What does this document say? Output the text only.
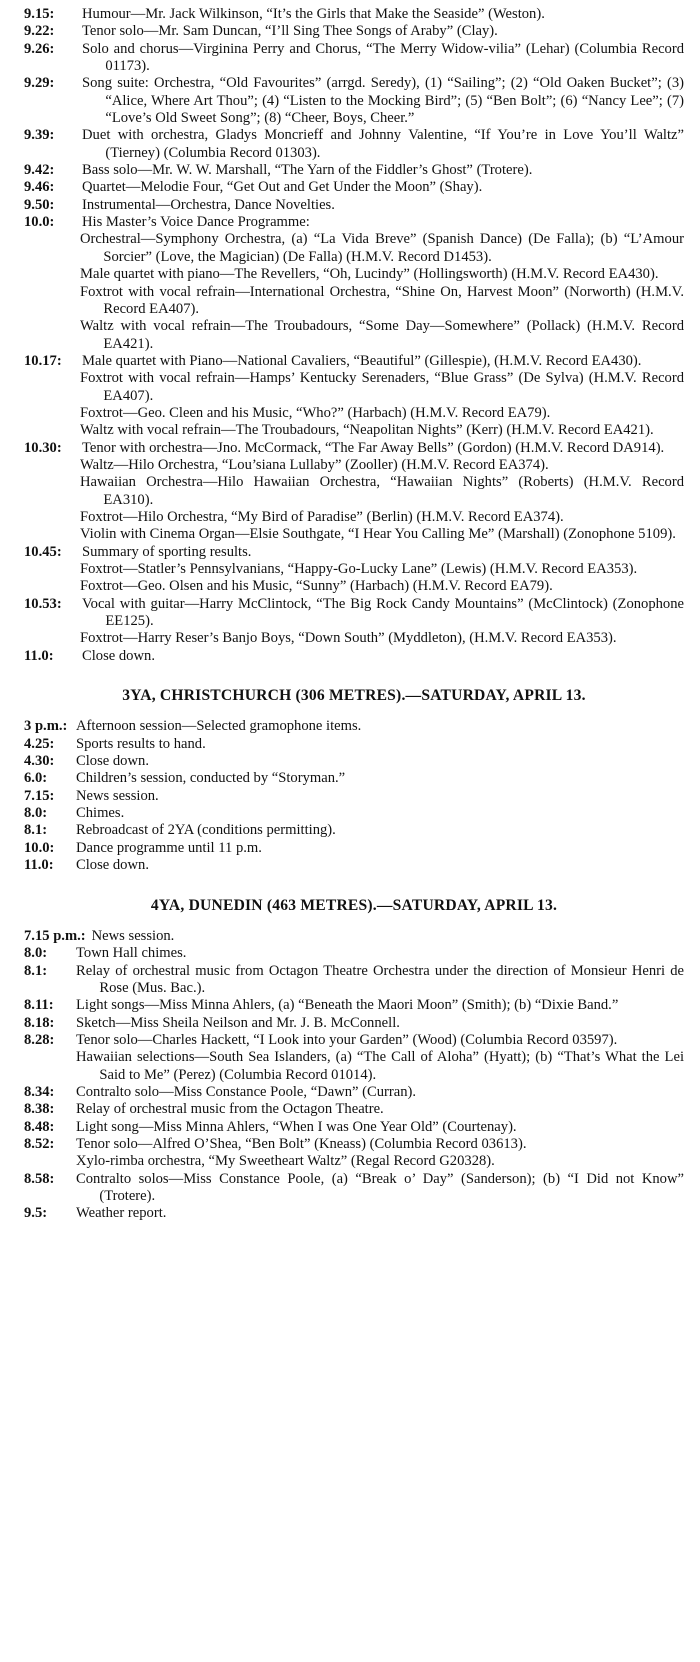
9.15:	Humour—Mr. Jack Wilkinson, “It’s the Girls that Make the Seaside” (Weston).
9.22:	Tenor solo—Mr. Sam Duncan, “I’ll Sing Thee Songs of Araby” (Clay).
9.26:	Solo and chorus—Virginina Perry and Chorus, “The Merry Widow-vilia” (Lehar) (Columbia Record 01173).
9.29:	Song suite: Orchestra, “Old Favourites” (arrgd. Seredy), (1) “Sailing”; (2) “Old Oaken Bucket”; (3) “Alice, Where Art Thou”; (4) “Listen to the Mocking Bird”; (5) “Ben Bolt”; (6) “Nancy Lee”; (7) “Love’s Old Sweet Song”; (8) “Cheer, Boys, Cheer.”
9.39:	Duet with orchestra, Gladys Moncrieff and Johnny Valentine, “If You’re in Love You’ll Waltz” (Tierney) (Columbia Record 01303).
9.42:	Bass solo—Mr. W. W. Marshall, “The Yarn of the Fiddler’s Ghost” (Trotere).
9.46:	Quartet—Melodie Four, “Get Out and Get Under the Moon” (Shay).
9.50:	Instrumental—Orchestra, Dance Novelties.
10.0:	His Master’s Voice Dance Programme:
Orchestral—Symphony Orchestra, (a) “La Vida Breve” (Spanish Dance) (De Falla); (b) “L’Amour Sorcier” (Love, the Magician) (De Falla) (H.M.V. Record D1453).
Male quartet with piano—The Revellers, “Oh, Lucindy” (Hollingsworth) (H.M.V. Record EA430).
Foxtrot with vocal refrain—International Orchestra, “Shine On, Harvest Moon” (Norworth) (H.M.V. Record EA407).
Waltz with vocal refrain—The Troubadours, “Some Day—Somewhere” (Pollack) (H.M.V. Record EA421).
10.17:	Male quartet with Piano—National Cavaliers, “Beautiful” (Gillespie), (H.M.V. Record EA430).
Foxtrot with vocal refrain—Hamps’ Kentucky Serenaders, “Blue Grass” (De Sylva) (H.M.V. Record EA407).
Foxtrot—Geo. Cleen and his Music, “Who?” (Harbach) (H.M.V. Record EA79).
Waltz with vocal refrain—The Troubadours, “Neapolitan Nights” (Kerr) (H.M.V. Record EA421).
10.30:	Tenor with orchestra—Jno. McCormack, “The Far Away Bells” (Gordon) (H.M.V. Record DA914).
Waltz—Hilo Orchestra, “Lou’siana Lullaby” (Zooller) (H.M.V. Record EA374).
Hawaiian Orchestra—Hilo Hawaiian Orchestra, “Hawaiian Nights” (Roberts) (H.M.V. Record EA310).
Foxtrot—Hilo Orchestra, “My Bird of Paradise” (Berlin) (H.M.V. Record EA374).
Violin with Cinema Organ—Elsie Southgate, “I Hear You Calling Me” (Marshall) (Zonophone 5109).
10.45:	Summary of sporting results.
Foxtrot—Statler’s Pennsylvanians, “Happy-Go-Lucky Lane” (Lewis) (H.M.V. Record EA353).
Foxtrot—Geo. Olsen and his Music, “Sunny” (Harbach) (H.M.V. Record EA79).
10.53:	Vocal with guitar—Harry McClintock, “The Big Rock Candy Mountains” (McClintock) (Zonophone EE125).
Foxtrot—Harry Reser’s Banjo Boys, “Down South” (Myddleton), (H.M.V. Record EA353).
11.0:	Close down.
3YA, CHRISTCHURCH (306 METRES).—SATURDAY, APRIL 13.
3 p.m.: Afternoon session—Selected gramophone items.
4.25:	Sports results to hand.
4.30:	Close down.
6.0:	Children’s session, conducted by “Storyman.”
7.15:	News session.
8.0:	Chimes.
8.1:	Rebroadcast of 2YA (conditions permitting).
10.0:	Dance programme until 11 p.m.
11.0:	Close down.
4YA, DUNEDIN (463 METRES).—SATURDAY, APRIL 13.
7.15 p.m.: News session.
8.0:	Town Hall chimes.
8.1:	Relay of orchestral music from Octagon Theatre Orchestra under the direction of Monsieur Henri de Rose (Mus. Bac.).
8.11:	Light songs—Miss Minna Ahlers, (a) “Beneath the Maori Moon” (Smith); (b) “Dixie Band.”
8.18:	Sketch—Miss Sheila Neilson and Mr. J. B. McConnell.
8.28:	Tenor solo—Charles Hackett, “I Look into your Garden” (Wood) (Columbia Record 03597).
Hawaiian selections—South Sea Islanders, (a) “The Call of Aloha” (Hyatt); (b) “That’s What the Lei Said to Me” (Perez) (Columbia Record 01014).
8.34:	Contralto solo—Miss Constance Poole, “Dawn” (Curran).
8.38:	Relay of orchestral music from the Octagon Theatre.
8.48:	Light song—Miss Minna Ahlers, “When I was One Year Old” (Courtenay).
8.52:	Tenor solo—Alfred O’Shea, “Ben Bolt” (Kneass) (Columbia Record 03613).
Xylo-rimba orchestra, “My Sweetheart Waltz” (Regal Record G20328).
8.58:	Contralto solos—Miss Constance Poole, (a) “Break o’ Day” (Sanderson); (b) “I Did not Know” (Trotere).
9.5:	Weather report.
